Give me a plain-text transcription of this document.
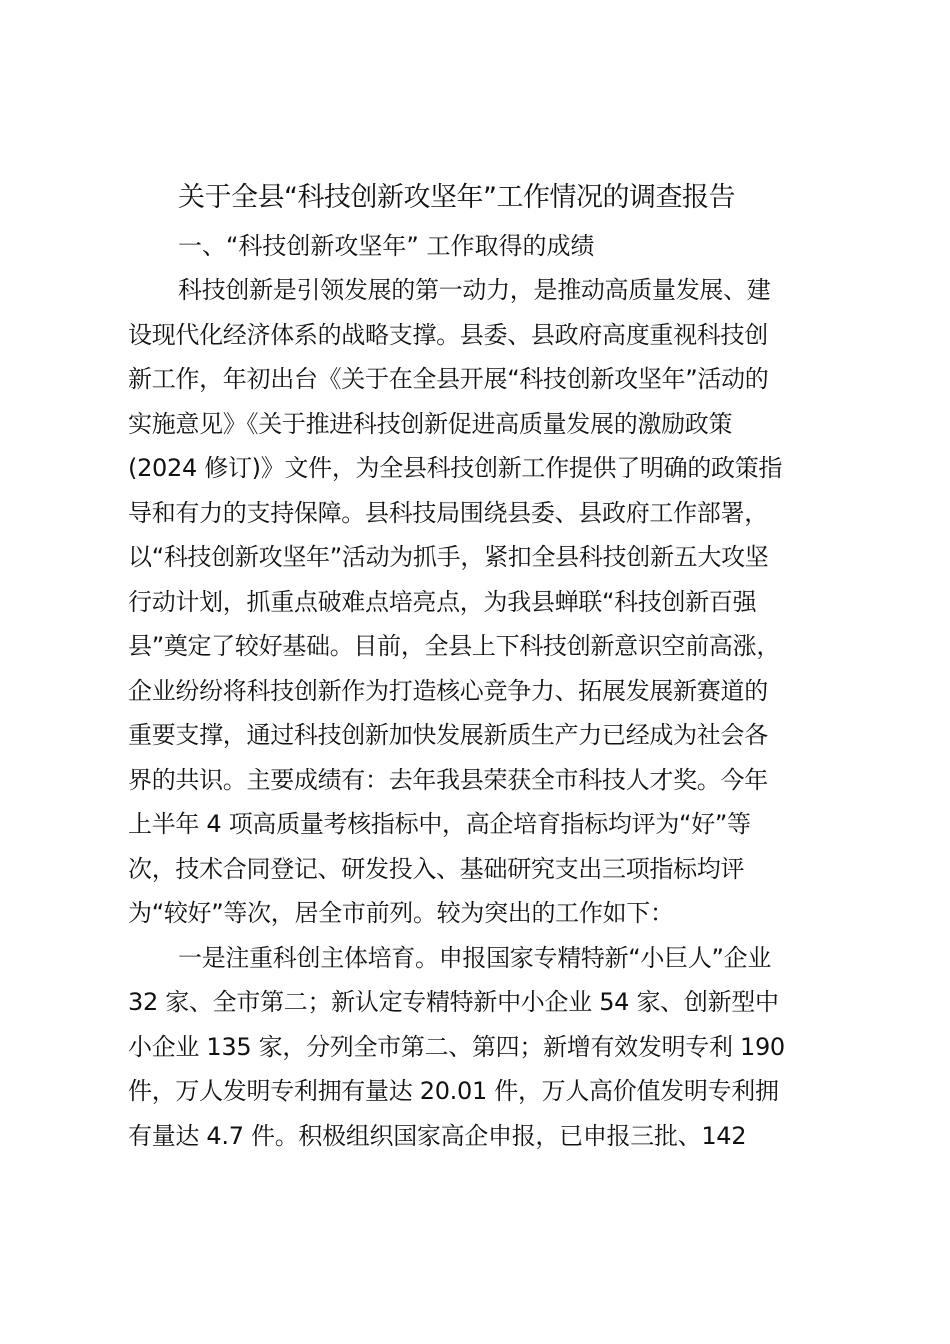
关于全县“科技创新攻坚年”工作情况的调查报告
一、“科技创新攻坚年” 工作取得的成绩
科技创新是引领发展的第一动力，是推动高质量发展、建
设现代化经济体系的战略支撑。县委、县政府高度重视科技创
新工作，年初出台《关于在全县开展“科技创新攻坚年”活动的
实施意见》《关于推进科技创新促进高质量发展的激励政策
(2024 修订)》文件，为全县科技创新工作提供了明确的政策指
导和有力的支持保障。县科技局围绕县委、县政府工作部署，
以“科技创新攻坚年”活动为抓手，紧扣全县科技创新五大攻坚
行动计划，抓重点破难点培亮点，为我县蝉联“科技创新百强
县”奠定了较好基础。目前，全县上下科技创新意识空前高涨，
企业纷纷将科技创新作为打造核心竞争力、拓展发展新赛道的
重要支撑，通过科技创新加快发展新质生产力已经成为社会各
界的共识。主要成绩有：去年我县荣获全市科技人才奖。今年
上半年 4 项高质量考核指标中，高企培育指标均评为“好”等
次，技术合同登记、研发投入、基础研究支出三项指标均评
为“较好”等次，居全市前列。较为突出的工作如下：
一是注重科创主体培育。申报国家专精特新“小巨人”企业
32 家、全市第二；新认定专精特新中小企业 54 家、创新型中
小企业 135 家，分列全市第二、第四；新增有效发明专利 190
件，万人发明专利拥有量达 20.01 件，万人高价值发明专利拥
有量达 4.7 件。积极组织国家高企申报，已申报三批、142
